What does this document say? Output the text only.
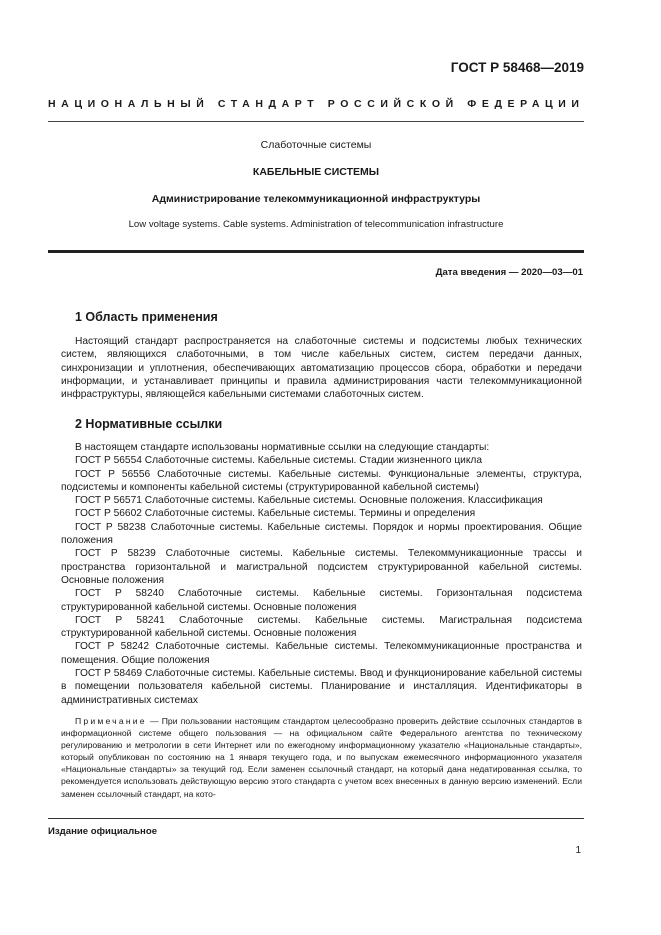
ГОСТ Р 58468—2019
НАЦИОНАЛЬНЫЙ СТАНДАРТ РОССИЙСКОЙ ФЕДЕРАЦИИ
Слаботочные системы
КАБЕЛЬНЫЕ СИСТЕМЫ
Администрирование телекоммуникационной инфраструктуры
Low voltage systems. Cable systems. Administration of telecommunication infrastructure
Дата введения — 2020—03—01
1 Область применения

Настоящий стандарт распространяется на слаботочные системы и подсистемы любых технических систем, являющихся слаботочными, в том числе кабельных систем, систем передачи данных, синхронизации и уплотнения, обеспечивающих автоматизацию процессов сбора, обработки и передачи информации, и устанавливает принципы и правила администрирования части телекоммуникационной инфраструктуры, являющейся кабельными системами слаботочных систем.

2 Нормативные ссылки

В настоящем стандарте использованы нормативные ссылки на следующие стандарты:

ГОСТ Р 56554 Слаботочные системы. Кабельные системы. Стадии жизненного цикла

ГОСТ Р 56556 Слаботочные системы. Кабельные системы. Функциональные элементы, структура, подсистемы и компоненты кабельной системы (структурированной кабельной системы)

ГОСТ Р 56571 Слаботочные системы. Кабельные системы. Основные положения. Классификация

ГОСТ Р 56602 Слаботочные системы. Кабельные системы. Термины и определения

ГОСТ Р 58238 Слаботочные системы. Кабельные системы. Порядок и нормы проектирования. Общие положения

ГОСТ Р 58239 Слаботочные системы. Кабельные системы. Телекоммуникационные трассы и пространства горизонтальной и магистральной подсистем структурированной кабельной системы. Основные положения

ГОСТ Р 58240 Слаботочные системы. Кабельные системы. Горизонтальная подсистема структурированной кабельной системы. Основные положения

ГОСТ Р 58241 Слаботочные системы. Кабельные системы. Магистральная подсистема структурированной кабельной системы. Основные положения

ГОСТ Р 58242 Слаботочные системы. Кабельные системы. Телекоммуникационные пространства и помещения. Общие положения

ГОСТ Р 58469 Слаботочные системы. Кабельные системы. Ввод и функционирование кабельной системы в помещении пользователя кабельной системы. Планирование и инсталляция. Идентификаторы в административных системах

Примечание — При пользовании настоящим стандартом целесообразно проверить действие ссылочных стандартов в информационной системе общего пользования — на официальном сайте Федерального агентства по техническому регулированию и метрологии в сети Интернет или по ежегодному информационному указателю «Национальные стандарты», который опубликован по состоянию на 1 января текущего года, и по выпускам ежемесячного информационного указателя «Национальные стандарты» за текущий год. Если заменен ссылочный стандарт, на который дана недатированная ссылка, то рекомендуется использовать действующую версию этого стандарта с учетом всех внесенных в данную версию изменений. Если заменен ссылочный стандарт, на кото-

Издание официальное
1
